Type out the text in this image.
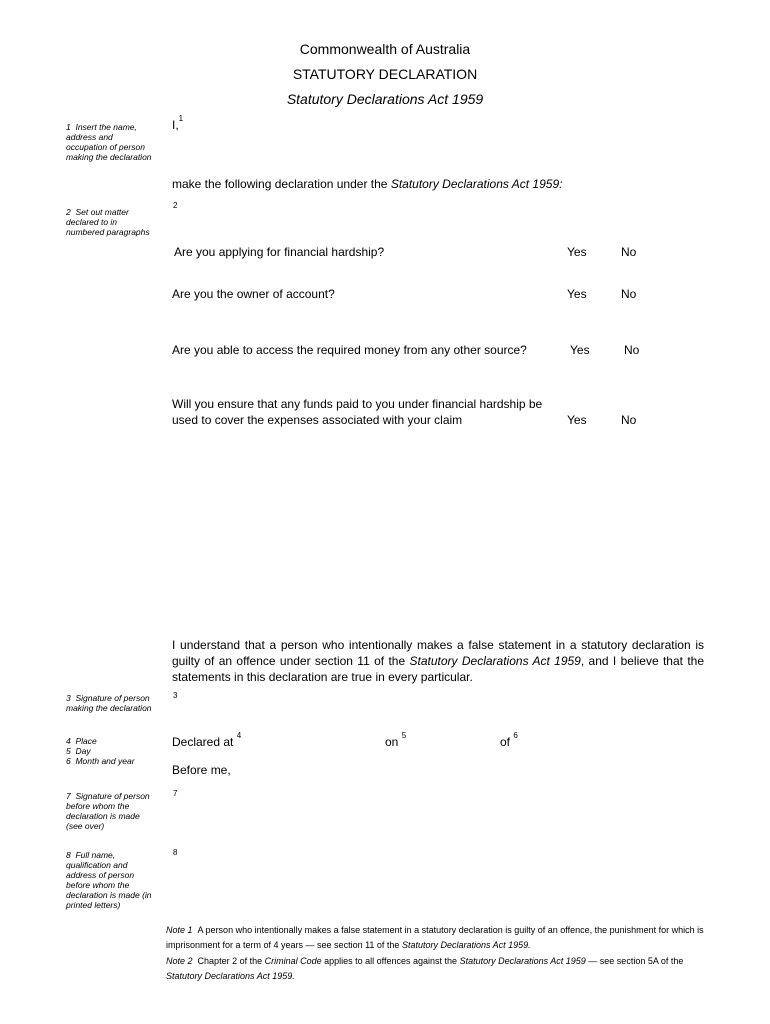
Commonwealth of Australia
STATUTORY DECLARATION
Statutory Declarations Act 1959
1 Insert the name, address and occupation of person making the declaration
2 Set out matter declared to in numbered paragraphs
3 Signature of person making the declaration
4 Place
5 Day
6 Month and year
7 Signature of person before whom the declaration is made (see over)
8 Full name, qualification and address of person before whom the declaration is made (in printed letters)
I,$^1$
make the following declaration under the Statutory Declarations Act 1959:
2
Are you applying for financial hardship?	Yes	No
Are you the owner of account?	Yes	No
Are you able to access the required money from any other source?	Yes	No
Will you ensure that any funds paid to you under financial hardship be
used to cover the expenses associated with your claim	Yes	No
I understand that a person who intentionally makes a false statement in a statutory declaration is guilty of an offence under section 11 of the Statutory Declarations Act 1959, and I believe that the statements in this declaration are true in every particular.
3
Declared at $^4$	on $^5$	of $^6$
Before me,
7
8
Note 1 A person who intentionally makes a false statement in a statutory declaration is guilty of an offence, the punishment for which is imprisonment for a term of 4 years — see section 11 of the Statutory Declarations Act 1959.
Note 2 Chapter 2 of the Criminal Code applies to all offences against the Statutory Declarations Act 1959 — see section 5A of the Statutory Declarations Act 1959.
